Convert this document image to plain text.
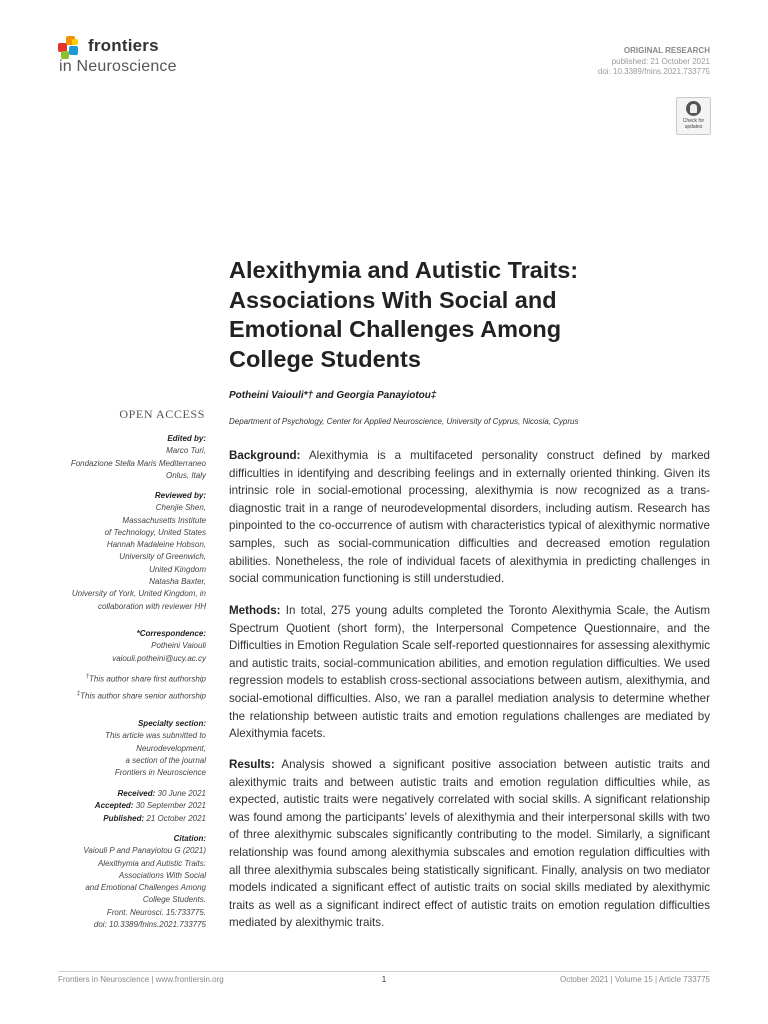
frontiers
in Neuroscience
ORIGINAL RESEARCH
published: 21 October 2021
doi: 10.3389/fnins.2021.733775
Check for
updates
Alexithymia and Autistic Traits:
Associations With Social and
Emotional Challenges Among
College Students
Potheini Vaiouli*† and Georgia Panayiotou‡
Department of Psychology, Center for Applied Neuroscience, University of Cyprus, Nicosia, Cyprus
OPEN ACCESS
Edited by:
Marco Turi,
Fondazione Stella Maris Mediterraneo
Onlus, Italy
Reviewed by:
Chenjie Shen,
Massachusetts Institute
of Technology, United States
Hannah Madaleine Hobson,
University of Greenwich,
United Kingdom
Natasha Baxter,
University of York, United Kingdom, in
collaboration with reviewer HH
*Correspondence:
Potheini Vaiouli
vaiouli.potheini@ucy.ac.cy
†This author share first authorship
‡This author share senior authorship
Specialty section:
This article was submitted to
Neurodevelopment,
a section of the journal
Frontiers in Neuroscience
Received: 30 June 2021
Accepted: 30 September 2021
Published: 21 October 2021
Citation:
Vaiouli P and Panayiotou G (2021)
Alexithymia and Autistic Traits:
Associations With Social
and Emotional Challenges Among
College Students.
Front. Neurosci. 15:733775.
doi: 10.3389/fnins.2021.733775
Background: Alexithymia is a multifaceted personality construct defined by marked difficulties in identifying and describing feelings and in externally oriented thinking. Given its intrinsic role in social-emotional processing, alexithymia is now recognized as a trans-diagnostic trait in a range of neurodevelopmental disorders, including autism. Research has pinpointed to the co-occurrence of autism with characteristics typical of alexithymic normative samples, such as social-communication difficulties and decreased emotion regulation abilities. Nonetheless, the role of individual facets of alexithymia in predicting challenges in social communication functioning is still understudied.
Methods: In total, 275 young adults completed the Toronto Alexithymia Scale, the Autism Spectrum Quotient (short form), the Interpersonal Competence Questionnaire, and the Difficulties in Emotion Regulation Scale self-reported questionnaires for assessing alexithymic and autistic traits, social-communication abilities, and emotion regulation difficulties. We used regression models to establish cross-sectional associations between autism, alexithymia, and social-emotional difficulties. Also, we ran a parallel mediation analysis to determine whether the relationship between autistic traits and emotion regulations challenges are mediated by Alexithymia facets.
Results: Analysis showed a significant positive association between autistic traits and alexithymic traits and between autistic traits and emotion regulation difficulties while, as expected, autistic traits were negatively correlated with social skills. A significant relationship was found among the participants’ levels of alexithymia and their interpersonal skills with two of three alexithymic subscales significantly contributing to the model. Similarly, a significant relationship was found among alexithymia subscales and emotion regulation difficulties with all three alexithymia subscales being statistically significant. Finally, analysis on two mediator models indicated a significant effect of autistic traits on social skills mediated by alexithymic traits as well as a significant indirect effect of autistic traits on emotion regulation difficulties mediated by alexithymic traits.
Frontiers in Neuroscience | www.frontiersin.org	1	October 2021 | Volume 15 | Article 733775
